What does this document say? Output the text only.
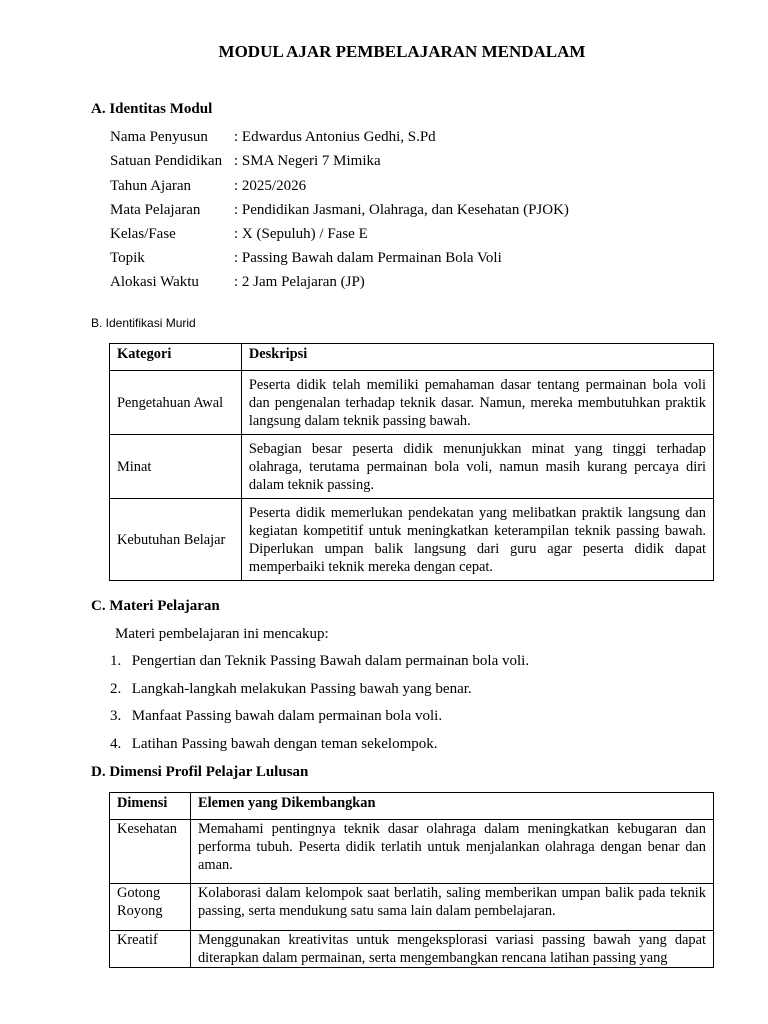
MODUL AJAR PEMBELAJARAN MENDALAM
A. Identitas Modul
Nama Penyusun : Edwardus Antonius Gedhi, S.Pd
Satuan Pendidikan : SMA Negeri 7 Mimika
Tahun Ajaran	: 2025/2026
Mata Pelajaran : Pendidikan Jasmani, Olahraga, dan Kesehatan (PJOK)
Kelas/Fase	: X (Sepuluh) / Fase E
Topik	: Passing Bawah dalam Permainan Bola Voli
Alokasi Waktu : 2 Jam Pelajaran (JP)
B. Identifikasi Murid
Kategori	Deskripsi
Pengetahuan Awal	Peserta didik telah memiliki pemahaman dasar tentang permainan bola voli dan pengenalan terhadap teknik dasar. Namun, mereka membutuhkan praktik langsung dalam teknik passing bawah.
Minat	Sebagian besar peserta didik menunjukkan minat yang tinggi terhadap olahraga, terutama permainan bola voli, namun masih kurang percaya diri dalam teknik passing.
Kebutuhan Belajar	Peserta didik memerlukan pendekatan yang melibatkan praktik langsung dan kegiatan kompetitif untuk meningkatkan keterampilan teknik passing bawah. Diperlukan umpan balik langsung dari guru agar peserta didik dapat memperbaiki teknik mereka dengan cepat.
C. Materi Pelajaran
Materi pembelajaran ini mencakup:
1. Pengertian dan Teknik Passing Bawah dalam permainan bola voli.
2. Langkah-langkah melakukan Passing bawah yang benar.
3. Manfaat Passing bawah dalam permainan bola voli.
4. Latihan Passing bawah dengan teman sekelompok.
D. Dimensi Profil Pelajar Lulusan
Dimensi	Elemen yang Dikembangkan
Kesehatan	Memahami pentingnya teknik dasar olahraga dalam meningkatkan kebugaran dan performa tubuh. Peserta didik terlatih untuk menjalankan olahraga dengan benar dan aman.
Gotong Royong	Kolaborasi dalam kelompok saat berlatih, saling memberikan umpan balik pada teknik passing, serta mendukung satu sama lain dalam pembelajaran.
Kreatif	Menggunakan kreativitas untuk mengeksplorasi variasi passing bawah yang dapat diterapkan dalam permainan, serta mengembangkan rencana latihan passing yang
